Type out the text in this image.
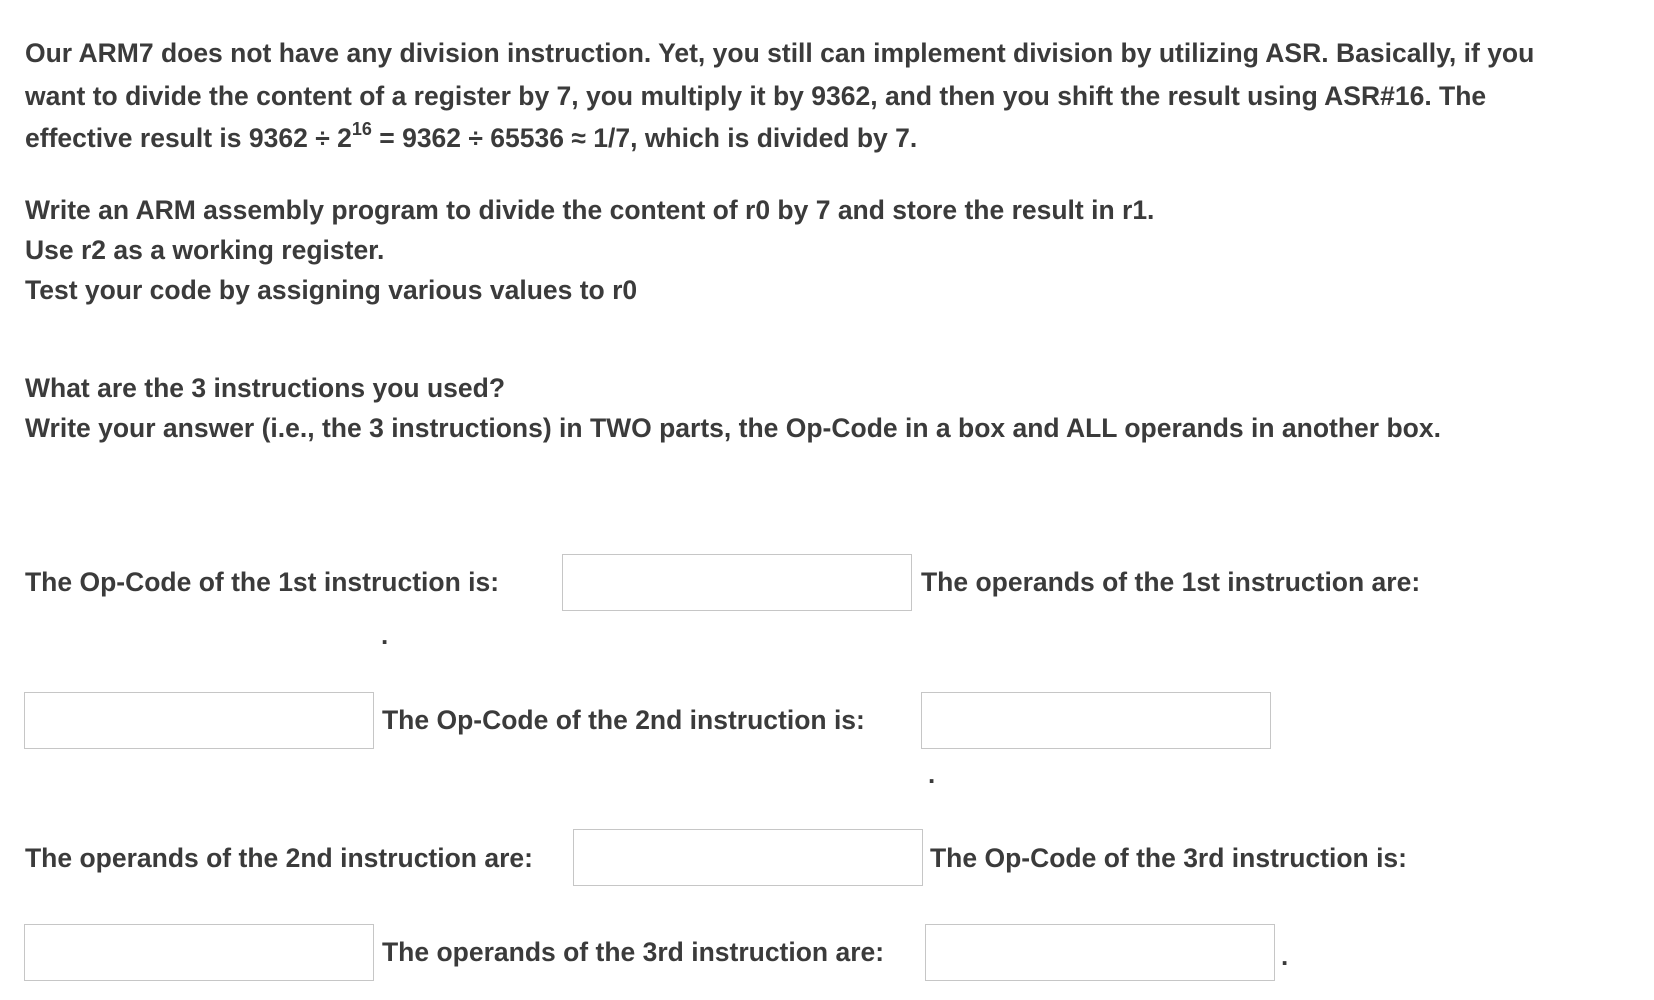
Our ARM7 does not have any division instruction. Yet, you still can implement division by utilizing ASR. Basically, if you
want to divide the content of a register by 7, you multiply it by 9362, and then you shift the result using ASR#16. The
effective result is $9362 \div 2^{16} = 9362 \div 65536 \approx 1/7$, which is divided by 7.
Write an ARM assembly program to divide the content of r0 by 7 and store the result in r1.
Use r2 as a working register.
Test your code by assigning various values to r0
What are the 3 instructions you used?
Write your answer (i.e., the 3 instructions) in TWO parts, the Op-Code in a box and ALL operands in another box.
The Op-Code of the 1st instruction is:	The operands of the 1st instruction are:
.
The Op-Code of the 2nd instruction is:
.
The operands of the 2nd instruction are:	The Op-Code of the 3rd instruction is:
The operands of the 3rd instruction are:	.
